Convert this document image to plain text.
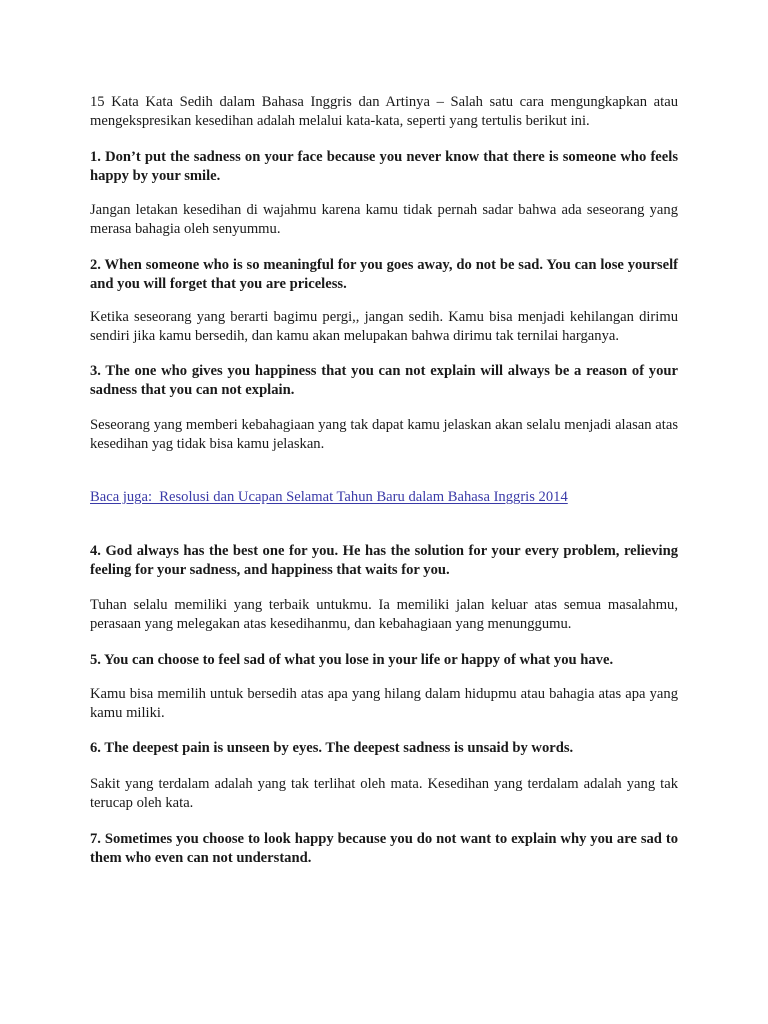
15 Kata Kata Sedih dalam Bahasa Inggris dan Artinya – Salah satu cara mengungkapkan atau mengekspresikan kesedihan adalah melalui kata-kata, seperti yang tertulis berikut ini.

1. Don’t put the sadness on your face because you never know that there is someone who feels happy by your smile.

Jangan letakan kesedihan di wajahmu karena kamu tidak pernah sadar bahwa ada seseorang yang merasa bahagia oleh senyummu.

2. When someone who is so meaningful for you goes away, do not be sad. You can lose yourself and you will forget that you are priceless.

Ketika seseorang yang berarti bagimu pergi,, jangan sedih. Kamu bisa menjadi kehilangan dirimu sendiri jika kamu bersedih, dan kamu akan melupakan bahwa dirimu tak ternilai harganya.

3. The one who gives you happiness that you can not explain will always be a reason of your sadness that you can not explain.

Seseorang yang memberi kebahagiaan yang tak dapat kamu jelaskan akan selalu menjadi alasan atas kesedihan yag tidak bisa kamu jelaskan.

Baca juga:  Resolusi dan Ucapan Selamat Tahun Baru dalam Bahasa Inggris 2014

4. God always has the best one for you. He has the solution for your every problem, relieving feeling for your sadness, and happiness that waits for you.

Tuhan selalu memiliki yang terbaik untukmu. Ia memiliki jalan keluar atas semua masalahmu, perasaan yang melegakan atas kesedihanmu, dan kebahagiaan yang menunggumu.

5. You can choose to feel sad of what you lose in your life or happy of what you have.

Kamu bisa memilih untuk bersedih atas apa yang hilang dalam hidupmu atau bahagia atas apa yang kamu miliki.

6. The deepest pain is unseen by eyes. The deepest sadness is unsaid by words.

Sakit yang terdalam adalah yang tak terlihat oleh mata. Kesedihan yang terdalam adalah yang tak terucap oleh kata.

7. Sometimes you choose to look happy because you do not want to explain why you are sad to them who even can not understand.
